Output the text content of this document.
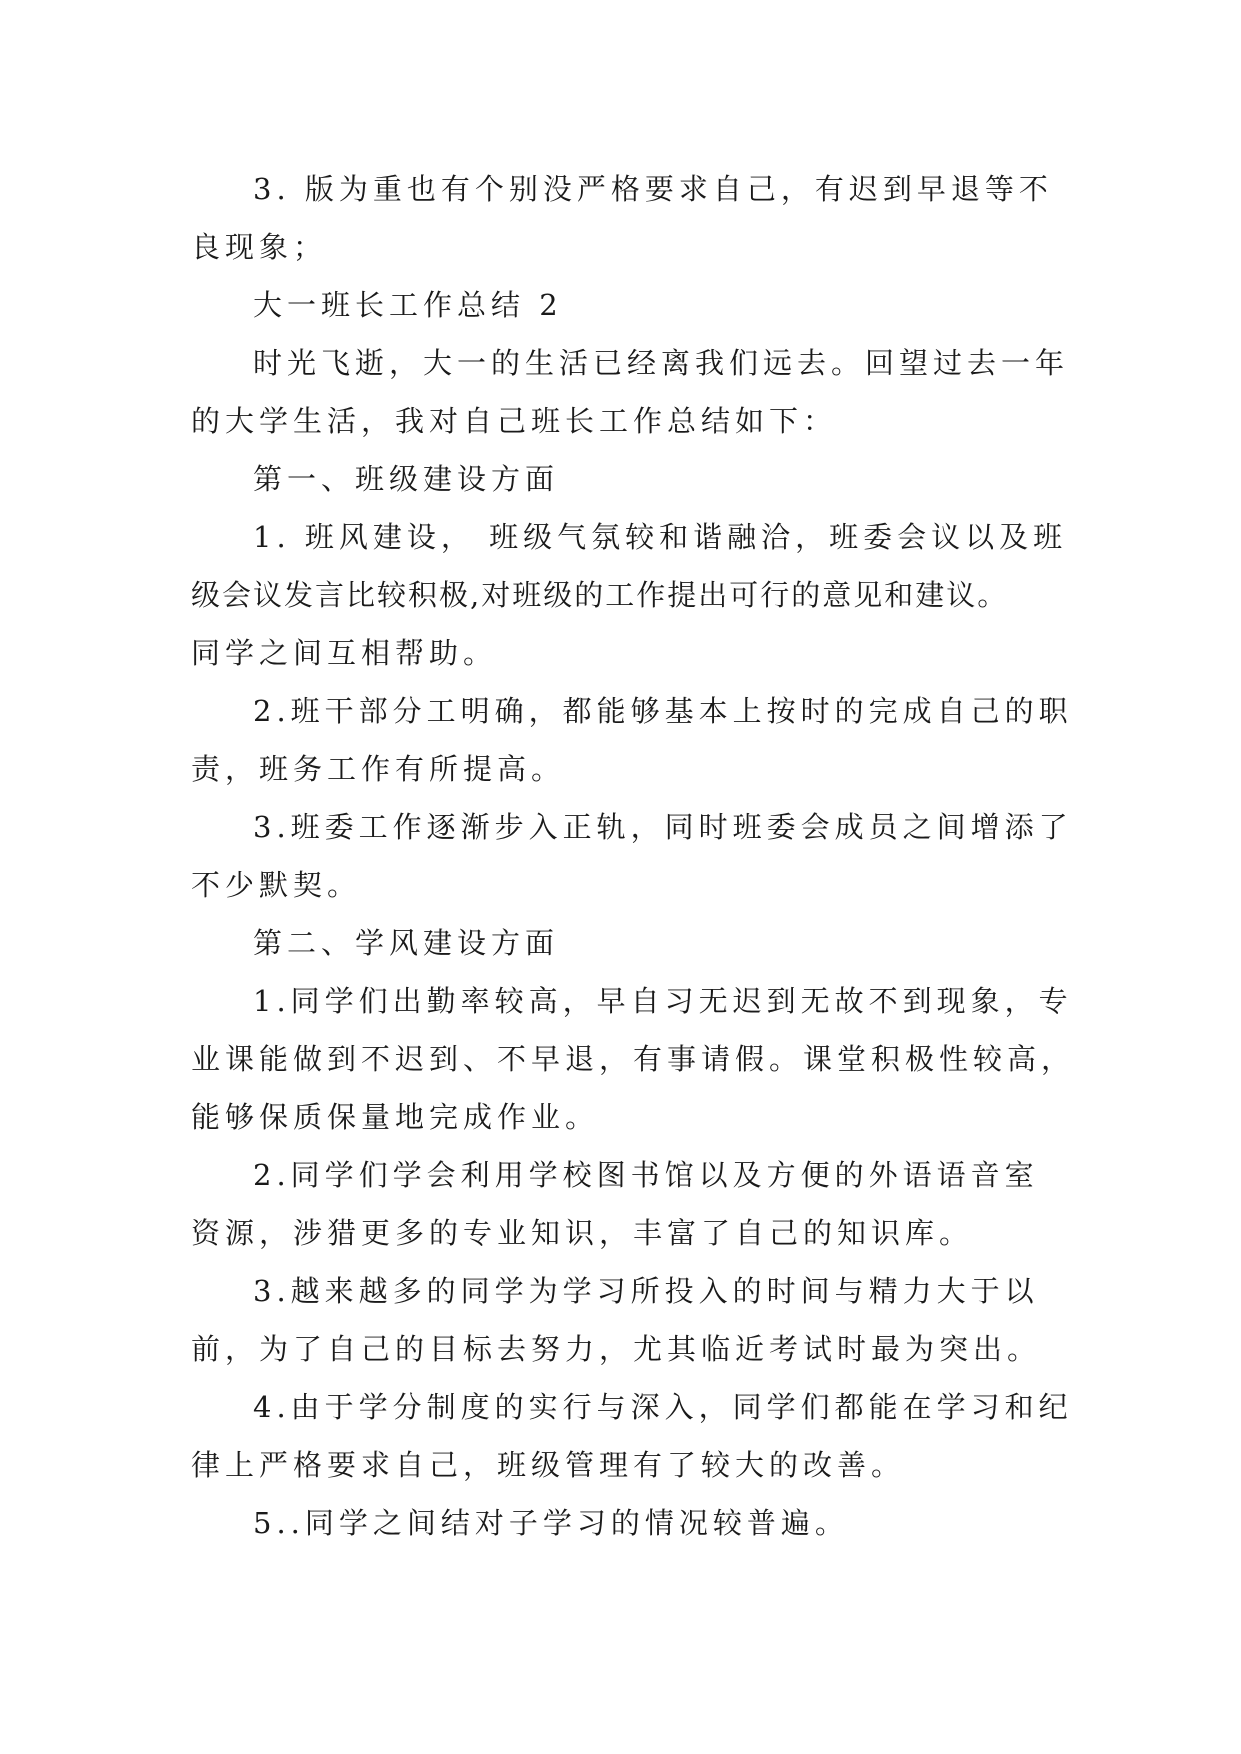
3. 版为重也有个别没严格要求自己，有迟到早退等不
良现象；
大一班长工作总结 2
时光飞逝，大一的生活已经离我们远去。回望过去一年
的大学生活，我对自己班长工作总结如下：
第一、班级建设方面
1. 班风建设， 班级气氛较和谐融洽，班委会议以及班
级会议发言比较积极,对班级的工作提出可行的意见和建议。
同学之间互相帮助。
2.班干部分工明确，都能够基本上按时的完成自己的职
责，班务工作有所提高。
3.班委工作逐渐步入正轨，同时班委会成员之间增添了
不少默契。
第二、学风建设方面
1.同学们出勤率较高，早自习无迟到无故不到现象，专
业课能做到不迟到、不早退，有事请假。课堂积极性较高，
能够保质保量地完成作业。
2.同学们学会利用学校图书馆以及方便的外语语音室
资源，涉猎更多的专业知识，丰富了自己的知识库。
3.越来越多的同学为学习所投入的时间与精力大于以
前，为了自己的目标去努力，尤其临近考试时最为突出。
4.由于学分制度的实行与深入，同学们都能在学习和纪
律上严格要求自己，班级管理有了较大的改善。
5..同学之间结对子学习的情况较普遍。
